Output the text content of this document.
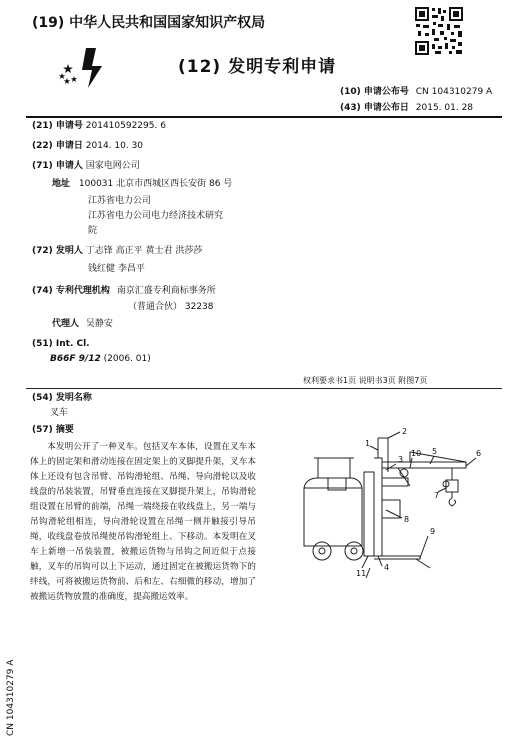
(19) 中华人民共和国国家知识产权局
(12) 发明专利申请
(10) 申请公布号 CN 104310279 A
(43) 申请公布日 2015. 01. 28
(21) 申请号 201410592295. 6
(22) 申请日 2014. 10. 30
(71) 申请人 国家电网公司
地址 100031 北京市西城区西长安街 86 号

江苏省电力公司
江苏省电力公司电力经济技术研究
院
(72) 发明人 丁志锋 高正平 黄士君 洪莎莎
钱红健 李昌平
(74) 专利代理机构 南京汇盛专利商标事务所
（普通合伙） 32238
代理人 吴静安
(51) Int. Cl.
B66F 9/12 (2006. 01)
权利要求书1页 说明书3页 附图7页
(54) 发明名称
叉车
(57) 摘要
本发明公开了一种叉车。包括叉车本体，设置在叉车本体上的固定架和滑动连接在固定架上的叉脚提升架，叉车本体上还设有包含吊臂、吊钩滑轮组、吊绳、导向滑轮以及收线盘的吊装装置，吊臂垂直连接在叉脚提升架上，吊钩滑轮组设置在吊臂的前端，吊绳一端绕接在收线盘上，另一端与吊钩滑轮组相连，导向滑轮设置在吊绳一侧并触接引导吊绳，收线盘卷放吊绳使吊钩滑轮组上、下移动。本发明在叉车上新增一吊装装置，被搬运货物与吊钩之间近似于点接触，叉车的吊钩可以上下运动，通过固定在被搬运货物下的绊线，可将被搬运货物前、后和左、右细微的移动，增加了被搬运货物放置的准确度，提高搬运效率。
2
1
3
10 5	6
7
8
9
11
4
CN 104310279 A
